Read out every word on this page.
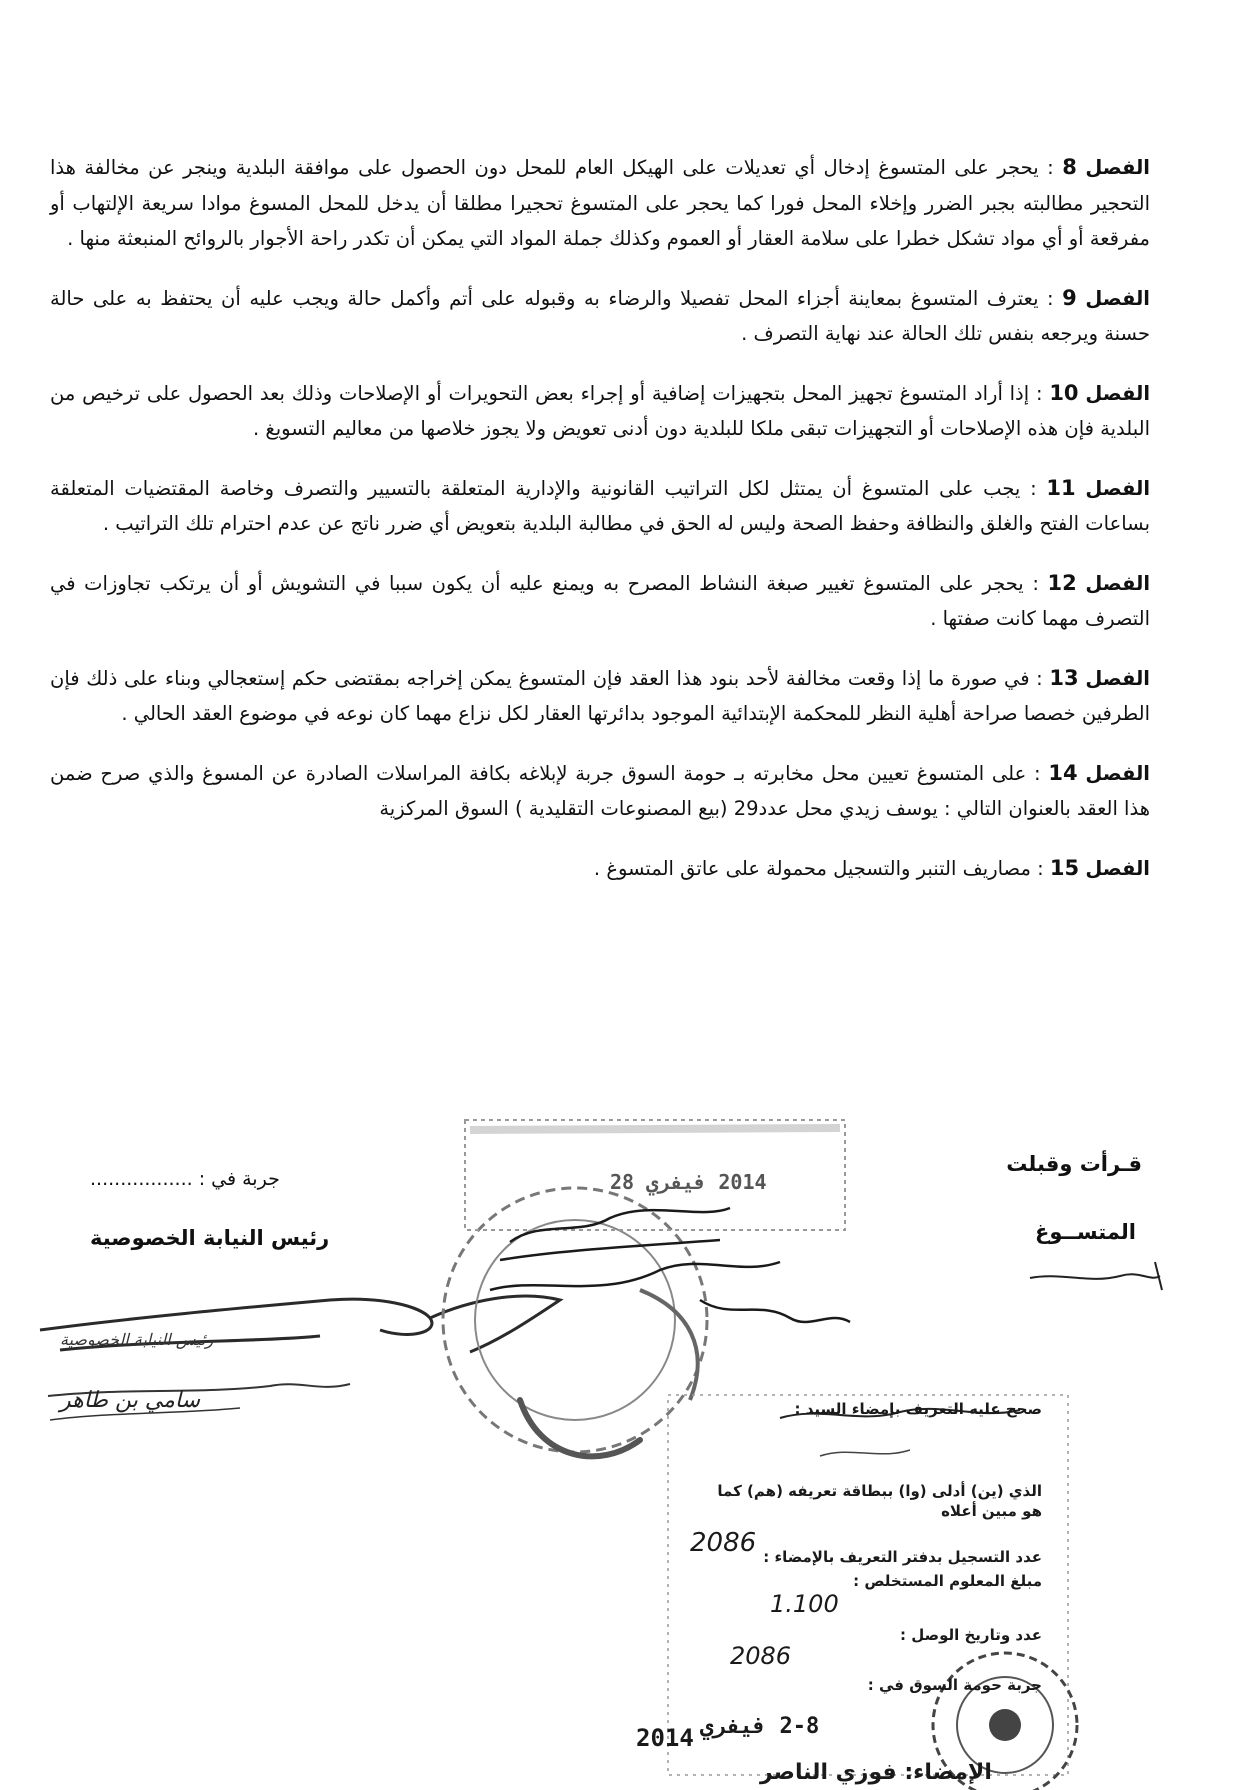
الفصل 8 : يحجر على المتسوغ إدخال أي تعديلات على الهيكل العام للمحل دون الحصول على موافقة البلدية وينجر عن مخالفة هذا التحجير مطالبته بجبر الضرر وإخلاء المحل فورا كما يحجر على المتسوغ تحجيرا مطلقا أن يدخل للمحل المسوغ موادا سريعة الإلتهاب أو مفرقعة أو أي مواد تشكل خطرا على سلامة العقار أو العموم وكذلك جملة المواد التي يمكن أن تكدر راحة الأجوار بالروائح المنبعثة منها .

الفصل 9 : يعترف المتسوغ بمعاينة أجزاء المحل تفصيلا والرضاء به وقبوله على أتم وأكمل حالة ويجب عليه أن يحتفظ به على حالة حسنة ويرجعه بنفس تلك الحالة عند نهاية التصرف .

الفصل 10 : إذا أراد المتسوغ تجهيز المحل بتجهيزات إضافية أو إجراء بعض التحويرات أو الإصلاحات وذلك بعد الحصول على ترخيص من البلدية فإن هذه الإصلاحات أو التجهيزات تبقى ملكا للبلدية دون أدنى تعويض ولا يجوز خلاصها من معاليم التسويغ .

الفصل 11 : يجب على المتسوغ أن يمتثل لكل التراتيب القانونية والإدارية المتعلقة بالتسيير والتصرف وخاصة المقتضيات المتعلقة بساعات الفتح والغلق والنظافة وحفظ الصحة وليس له الحق في مطالبة البلدية بتعويض أي ضرر ناتج عن عدم احترام تلك التراتيب .

الفصل 12 : يحجر على المتسوغ تغيير صبغة النشاط المصرح به ويمنع عليه أن يكون سببا في التشويش أو أن يرتكب تجاوزات في التصرف مهما كانت صفتها .

الفصل 13 : في صورة ما إذا وقعت مخالفة لأحد بنود هذا العقد فإن المتسوغ يمكن إخراجه بمقتضى حكم إستعجالي وبناء على ذلك فإن الطرفين خصصا صراحة أهلية النظر للمحكمة الإبتدائية الموجود بدائرتها العقار لكل نزاع مهما كان نوعه في موضوع العقد الحالي .

الفصل 14 : على المتسوغ تعيين محل مخابرته بـ حومة السوق جربة لإبلاغه بكافة المراسلات الصادرة عن المسوغ والذي صرح ضمن هذا العقد بالعنوان التالي : يوسف زيدي محل عدد29 (بيع المصنوعات التقليدية ) السوق المركزية

الفصل 15 : مصاريف التنبر والتسجيل محمولة على عاتق المتسوغ .

قـرأت وقبلت
المتســوغ
جربة في : .................
رئيس النيابة الخصوصية
رئيس النيابة الخصوصية
سامي بن طاهر
2014 فيفري 28
صحح عليه التعريف بإمضاء السيد :
الذي (ين) أدلى (وا) ببطاقة تعريفه (هم) كما
هو مبين أعلاه
عدد التسجيل بدفتر التعريف بالإمضاء :
مبلغ المعلوم المستخلص :
عدد وتاريخ الوصل :
جربة حومة السوق في :
2086
1.100
2086
2014 2-8 فيفري
الإمضاء: فوزي الناصر
